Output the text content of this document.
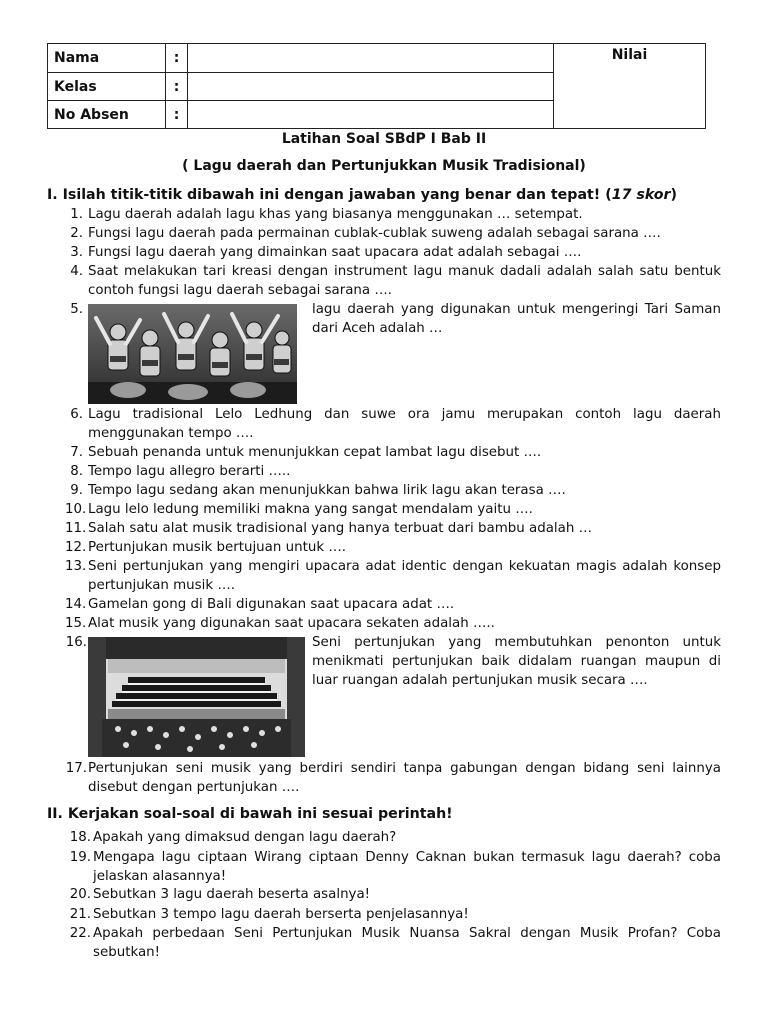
Nama	:
Kelas	:
No Absen	:
Nilai
Latihan Soal SBdP I Bab II
( Lagu daerah dan Pertunjukkan Musik Tradisional)
I. Isilah titik-titik dibawah ini dengan jawaban yang benar dan tepat! (17 skor)
1. Lagu daerah adalah lagu khas yang biasanya menggunakan … setempat.
2. Fungsi lagu daerah pada permainan cublak-cublak suweng adalah sebagai sarana ….
3. Fungsi lagu daerah yang dimainkan saat upacara adat adalah sebagai ….
4. Saat melakukan tari kreasi dengan instrument lagu manuk dadali adalah salah satu bentuk contoh fungsi lagu daerah sebagai sarana ….
5.	lagu daerah yang digunakan untuk mengeringi Tari Saman dari Aceh adalah …
6. Lagu tradisional Lelo Ledhung dan suwe ora jamu merupakan contoh lagu daerah menggunakan tempo ….
7. Sebuah penanda untuk menunjukkan cepat lambat lagu disebut ….
8. Tempo lagu allegro berarti …..
9. Tempo lagu sedang akan menunjukkan bahwa lirik lagu akan terasa ….
10. Lagu lelo ledung memiliki makna yang sangat mendalam yaitu ….
11. Salah satu alat musik tradisional yang hanya terbuat dari bambu adalah …
12. Pertunjukan musik bertujuan untuk ….
13. Seni pertunjukan yang mengiri upacara adat identic dengan kekuatan magis adalah konsep pertunjukan musik ….
14. Gamelan gong di Bali digunakan saat upacara adat ….
15. Alat musik yang digunakan saat upacara sekaten adalah …..
16.	Seni pertunjukan yang membutuhkan penonton untuk menikmati pertunjukan baik didalam ruangan maupun di luar ruangan adalah pertunjukan musik secara ….
17. Pertunjukan seni musik yang berdiri sendiri tanpa gabungan dengan bidang seni lainnya disebut dengan pertunjukan ….
II. Kerjakan soal-soal di bawah ini sesuai perintah!
18. Apakah yang dimaksud dengan lagu daerah?
19. Mengapa lagu ciptaan Wirang ciptaan Denny Caknan bukan termasuk lagu daerah? coba jelaskan alasannya!
20. Sebutkan 3 lagu daerah beserta asalnya!
21. Sebutkan 3 tempo lagu daerah berserta penjelasannya!
22. Apakah perbedaan Seni Pertunjukan Musik Nuansa Sakral dengan Musik Profan? Coba sebutkan!
